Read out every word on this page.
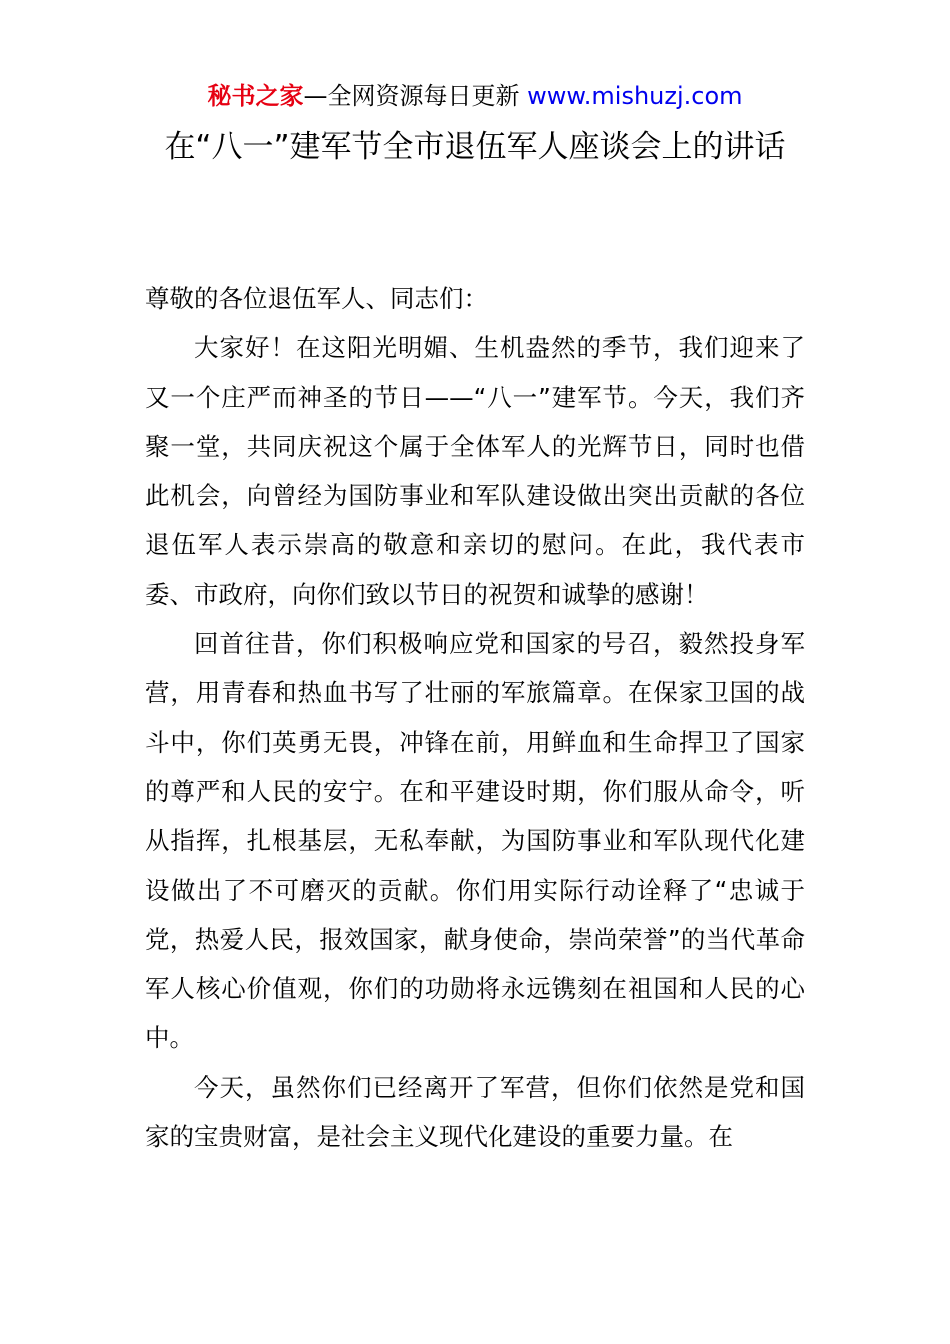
秘书之家—全网资源每日更新 www.mishuzj.com
在“八一”建军节全市退伍军人座谈会上的讲话

尊敬的各位退伍军人、同志们：

大家好！在这阳光明媚、生机盎然的季节，我们迎来了又一个庄严而神圣的节日——“八一”建军节。今天，我们齐聚一堂，共同庆祝这个属于全体军人的光辉节日，同时也借此机会，向曾经为国防事业和军队建设做出突出贡献的各位退伍军人表示崇高的敬意和亲切的慰问。在此，我代表市委、市政府，向你们致以节日的祝贺和诚挚的感谢！

回首往昔，你们积极响应党和国家的号召，毅然投身军营，用青春和热血书写了壮丽的军旅篇章。在保家卫国的战斗中，你们英勇无畏，冲锋在前，用鲜血和生命捍卫了国家的尊严和人民的安宁。在和平建设时期，你们服从命令，听从指挥，扎根基层，无私奉献，为国防事业和军队现代化建设做出了不可磨灭的贡献。你们用实际行动诠释了“忠诚于党，热爱人民，报效国家，献身使命，崇尚荣誉”的当代革命军人核心价值观，你们的功勋将永远镌刻在祖国和人民的心中。

今天，虽然你们已经离开了军营，但你们依然是党和国家的宝贵财富，是社会主义现代化建设的重要力量。在
